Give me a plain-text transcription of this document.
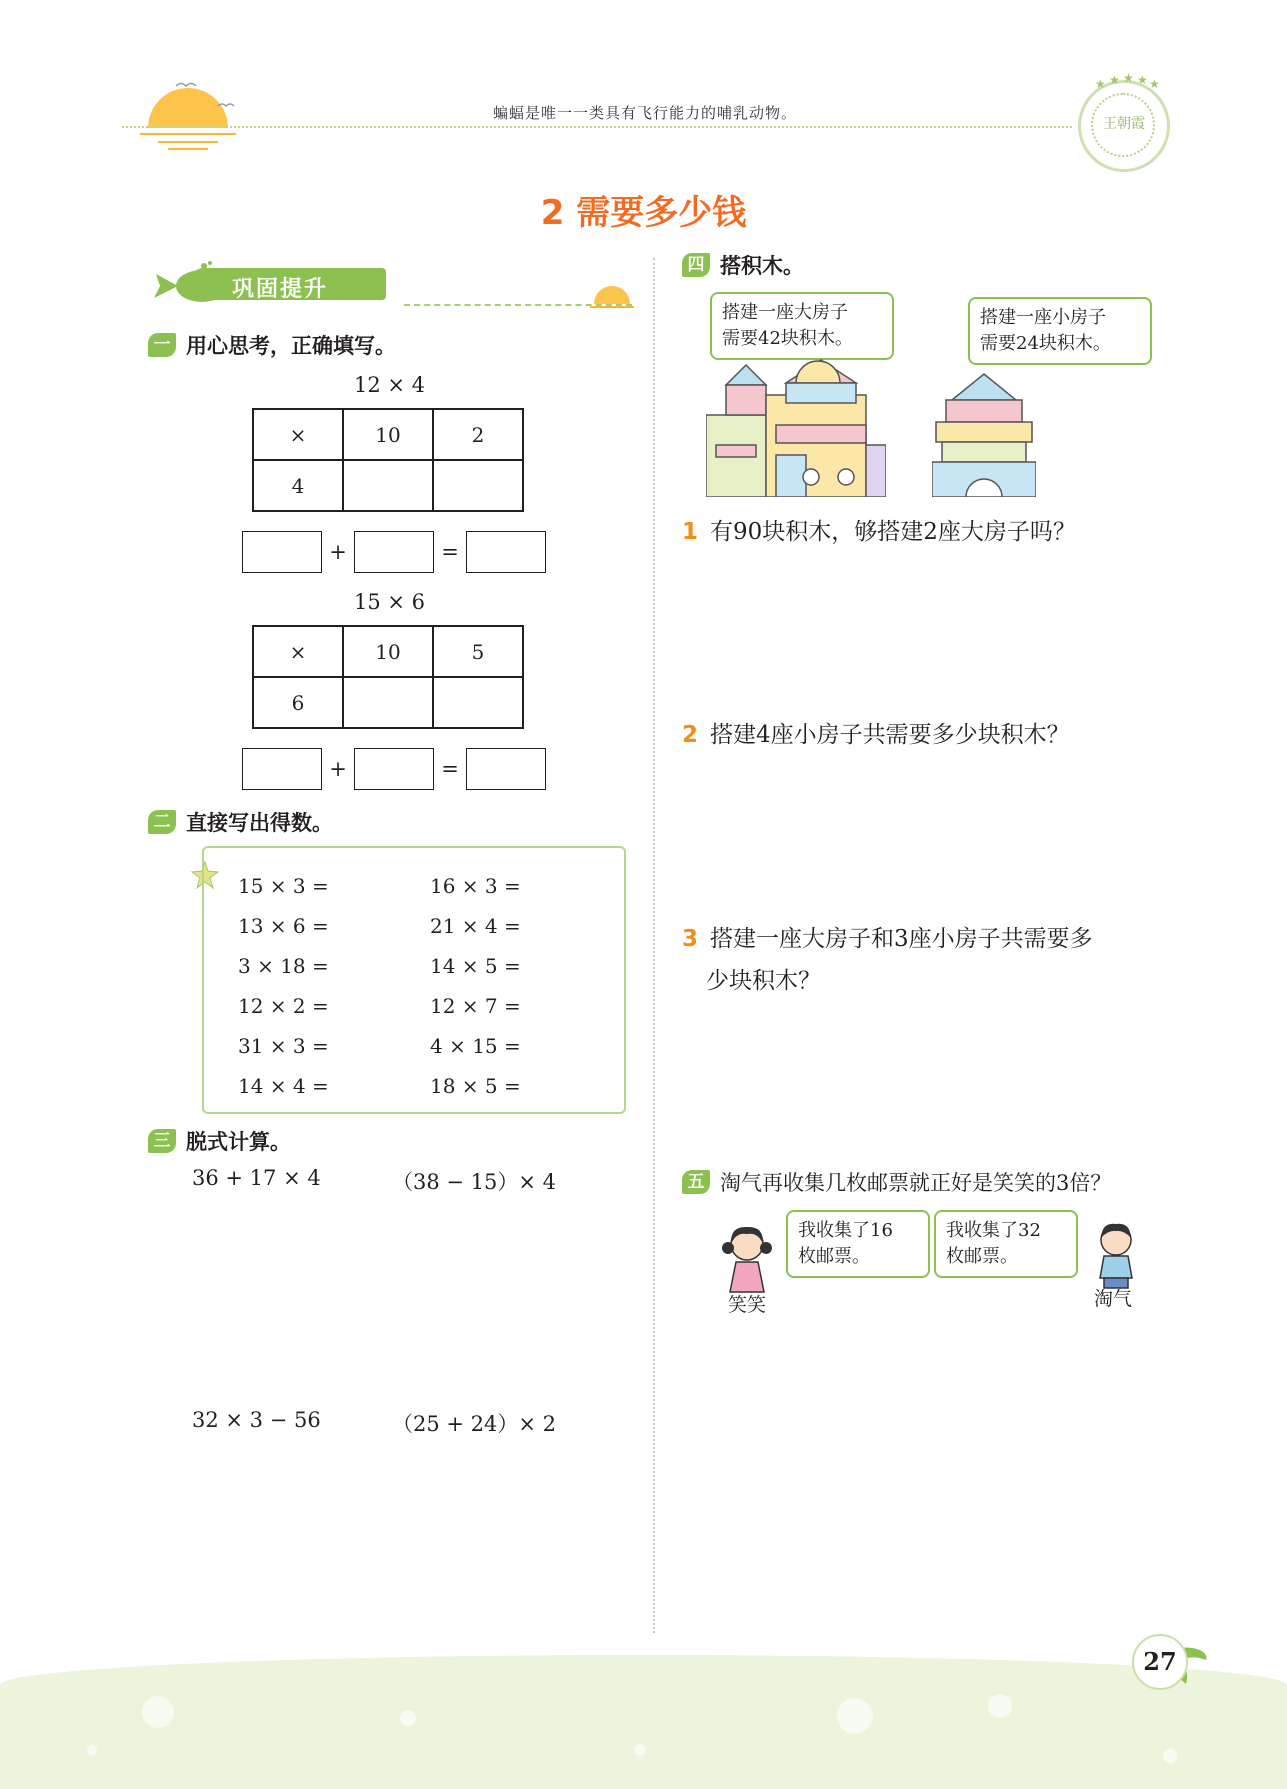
蝙蝠是唯一一类具有飞行能力的哺乳动物。
★ ★ ★ ★ ★
王朝霞
2 需要多少钱
巩固提升
一 用心思考，正确填写。
12 × 4
×	10	2
4		
+	=
15 × 6
×	10	5
6		
+	=
二 直接写出得数。
15 × 3 =	16 × 3 =
13 × 6 =	21 × 4 =
3 × 18 =	14 × 5 =
12 × 2 =	12 × 7 =
31 × 3 =	4 × 15 =
14 × 4 =	18 × 5 =
三 脱式计算。
36 + 17 × 4	（38 − 15）× 4
32 × 3 − 56	（25 + 24）× 2
四 搭积木。
搭建一座大房子
需要42块积木。
搭建一座小房子
需要24块积木。
1 有90块积木，够搭建2座大房子吗？
2 搭建4座小房子共需要多少块积木？
3 搭建一座大房子和3座小房子共需要多
少块积木？
五 淘气再收集几枚邮票就正好是笑笑的3倍？
我收集了16
枚邮票。
我收集了32
枚邮票。
笑笑	淘气
27
